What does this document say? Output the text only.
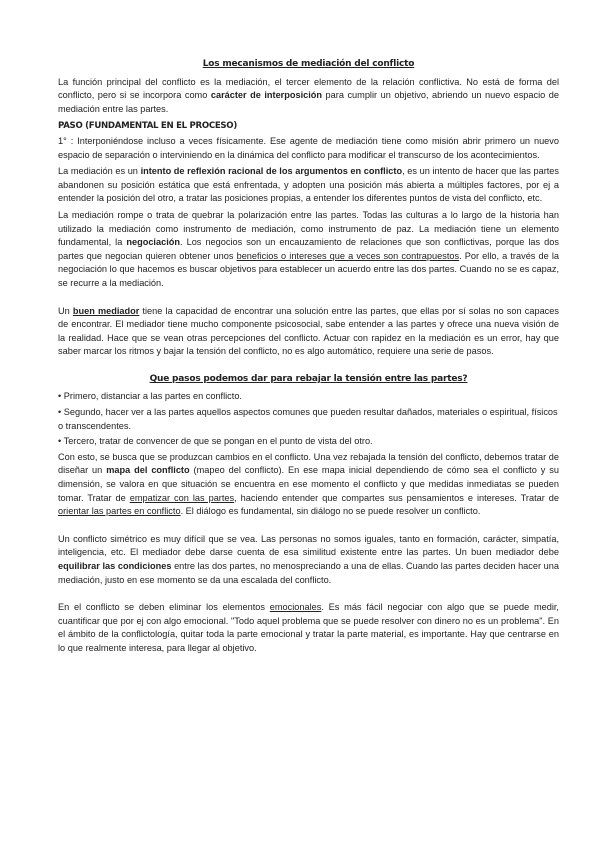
Los mecanismos de mediación del conflicto

La función principal del conflicto es la mediación, el tercer elemento de la relación conflictiva. No está de forma del conflicto, pero si se incorpora como carácter de interposición para cumplir un objetivo, abriendo un nuevo espacio de mediación entre las partes.

PASO (FUNDAMENTAL EN EL PROCESO)

1° : Interponiéndose incluso a veces físicamente. Ese agente de mediación tiene como misión abrir primero un nuevo espacio de separación o interviniendo en la dinámica del conflicto para modificar el transcurso de los acontecimientos.

La mediación es un intento de reflexión racional de los argumentos en conflicto, es un intento de hacer que las partes abandonen su posición estática que está enfrentada, y adopten una posición más abierta a múltiples factores, por ej a entender la posición del otro, a tratar las posiciones propias, a entender los diferentes puntos de vista del conflicto, etc.

La mediación rompe o trata de quebrar la polarización entre las partes. Todas las culturas a lo largo de la historia han utilizado la mediación como instrumento de mediación, como instrumento de paz. La mediación tiene un elemento fundamental, la negociación. Los negocios son un encauzamiento de relaciones que son conflictivas, porque las dos partes que negocian quieren obtener unos beneficios o intereses que a veces son contrapuestos. Por ello, a través de la negociación lo que hacemos es buscar objetivos para establecer un acuerdo entre las dos partes. Cuando no se es capaz, se recurre a la mediación.

Un buen mediador tiene la capacidad de encontrar una solución entre las partes, que ellas por sí solas no son capaces de encontrar. El mediador tiene mucho componente psicosocial, sabe entender a las partes y ofrece una nueva visión de la realidad. Hace que se vean otras percepciones del conflicto. Actuar con rapidez en la mediación es un error, hay que saber marcar los ritmos y bajar la tensión del conflicto, no es algo automático, requiere una serie de pasos.

Que pasos podemos dar para rebajar la tensión entre las partes?
• Primero, distanciar a las partes en conflicto.
• Segundo, hacer ver a las partes aquellos aspectos comunes que pueden resultar dañados, materiales o espiritual, físicos o transcendentes.
• Tercero, tratar de convencer de que se pongan en el punto de vista del otro.

Con esto, se busca que se produzcan cambios en el conflicto. Una vez rebajada la tensión del conflicto, debemos tratar de diseñar un mapa del conflicto (mapeo del conflicto). En ese mapa inicial dependiendo de cómo sea el conflicto y su dimensión, se valora en que situación se encuentra en ese momento el conflicto y que medidas inmediatas se pueden tomar. Tratar de empatizar con las partes, haciendo entender que compartes sus pensamientos e intereses. Tratar de orientar las partes en conflicto. El diálogo es fundamental, sin diálogo no se puede resolver un conflicto.

Un conflicto simétrico es muy difícil que se vea. Las personas no somos iguales, tanto en formación, carácter, simpatía, inteligencia, etc. El mediador debe darse cuenta de esa similitud existente entre las partes. Un buen mediador debe equilibrar las condiciones entre las dos partes, no menospreciando a una de ellas. Cuando las partes deciden hacer una mediación, justo en ese momento se da una escalada del conflicto.

En el conflicto se deben eliminar los elementos emocionales. Es más fácil negociar con algo que se puede medir, cuantificar que por ej con algo emocional. "Todo aquel problema que se puede resolver con dinero no es un problema". En el ámbito de la conflictología, quitar toda la parte emocional y tratar la parte material, es importante. Hay que centrarse en lo que realmente interesa, para llegar al objetivo.
